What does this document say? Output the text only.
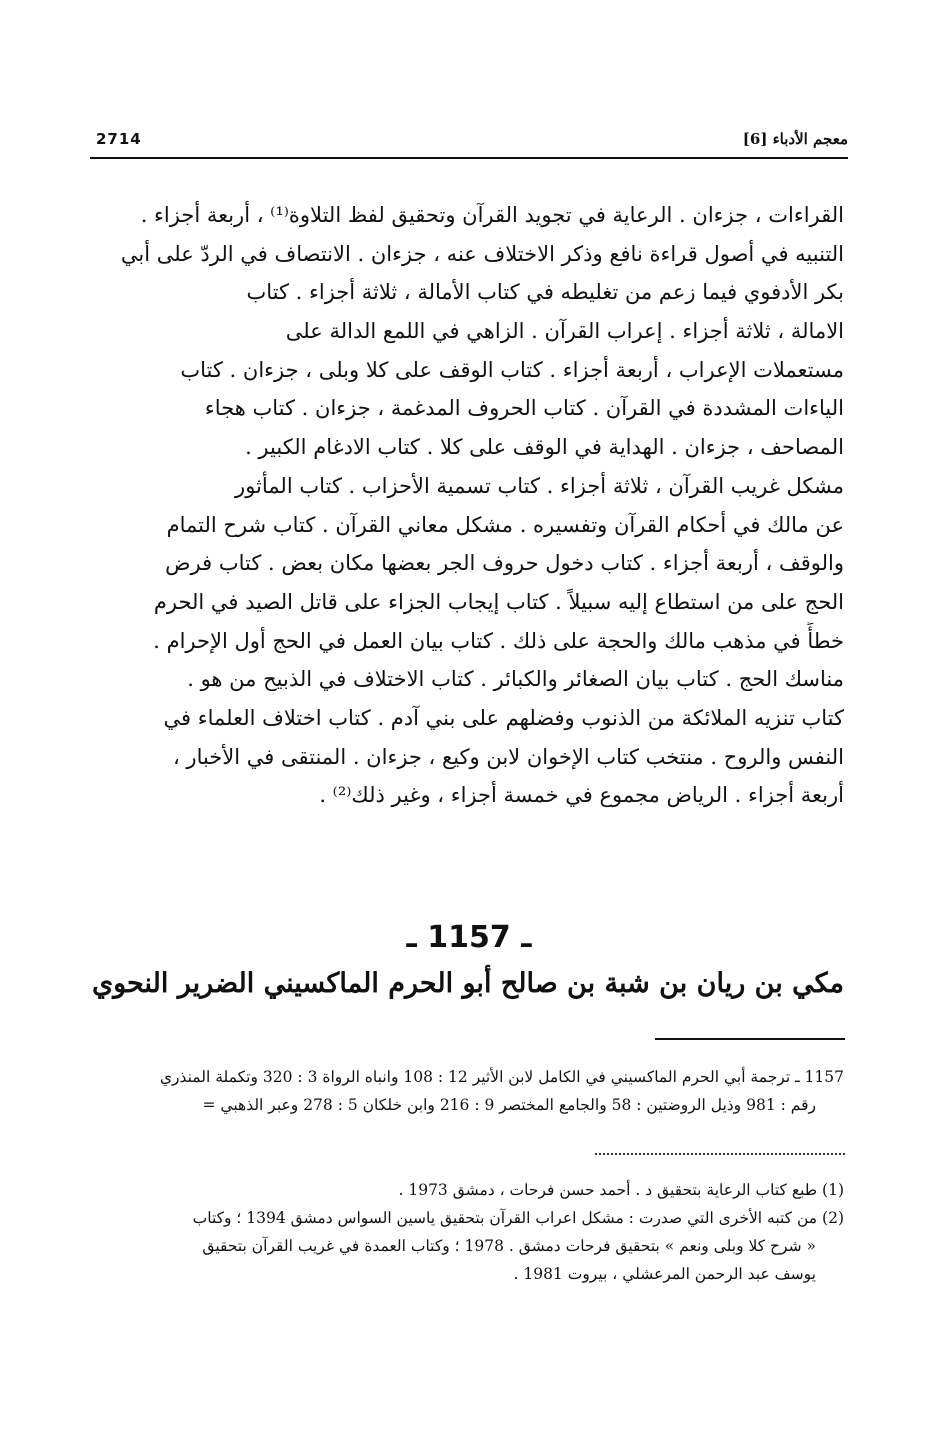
معجم الأدباء [6]
2714
القراءات ، جزءان . الرعاية في تجويد القرآن وتحقيق لفظ التلاوة⁽¹⁾ ، أربعة أجزاء .
التنبيه في أصول قراءة نافع وذكر الاختلاف عنه ، جزءان . الانتصاف في الردّ على أبي
بكر الأدفوي فيما زعم من تغليطه في كتاب الأمالة ، ثلاثة أجزاء . كتاب
الامالة ، ثلاثة أجزاء . إعراب القرآن . الزاهي في اللمع الدالة على
مستعملات الإعراب ، أربعة أجزاء . كتاب الوقف على كلا وبلى ، جزءان . كتاب
الياءات المشددة في القرآن . كتاب الحروف المدغمة ، جزءان . كتاب هجاء
المصاحف ، جزءان . الهداية في الوقف على كلا . كتاب الادغام الكبير .
مشكل غريب القرآن ، ثلاثة أجزاء . كتاب تسمية الأحزاب . كتاب المأثور
عن مالك في أحكام القرآن وتفسيره . مشكل معاني القرآن . كتاب شرح التمام
والوقف ، أربعة أجزاء . كتاب دخول حروف الجر بعضها مكان بعض . كتاب فرض
الحج على من استطاع إليه سبيلاً . كتاب إيجاب الجزاء على قاتل الصيد في الحرم
خطأً في مذهب مالك والحجة على ذلك . كتاب بيان العمل في الحج أول الإحرام .
مناسك الحج . كتاب بيان الصغائر والكبائر . كتاب الاختلاف في الذبيح من هو .
كتاب تنزيه الملائكة من الذنوب وفضلهم على بني آدم . كتاب اختلاف العلماء في
النفس والروح . منتخب كتاب الإخوان لابن وكيع ، جزءان . المنتقى في الأخبار ،
أربعة أجزاء . الرياض مجموع في خمسة أجزاء ، وغير ذلك⁽²⁾ .
ـ 1157 ـ
مكي بن ريان بن شبة بن صالح أبو الحرم الماكسيني الضرير النحوي
1157 ـ ترجمة أبي الحرم الماكسيني في الكامل لابن الأثير 12 : 108 وانباه الرواة 3 : 320 وتكملة المنذري
رقم : 981 وذيل الروضتين : 58 والجامع المختصر 9 : 216 وابن خلكان 5 : 278 وعبر الذهبي =
(1) طبع كتاب الرعاية بتحقيق د . أحمد حسن فرحات ، دمشق 1973 .
(2) من كتبه الأخرى التي صدرت : مشكل اعراب القرآن بتحقيق ياسين السواس دمشق 1394 ؛ وكتاب
« شرح كلا وبلى ونعم » بتحقيق فرحات دمشق . 1978 ؛ وكتاب العمدة في غريب القرآن بتحقيق
يوسف عبد الرحمن المرعشلي ، بيروت 1981 .
